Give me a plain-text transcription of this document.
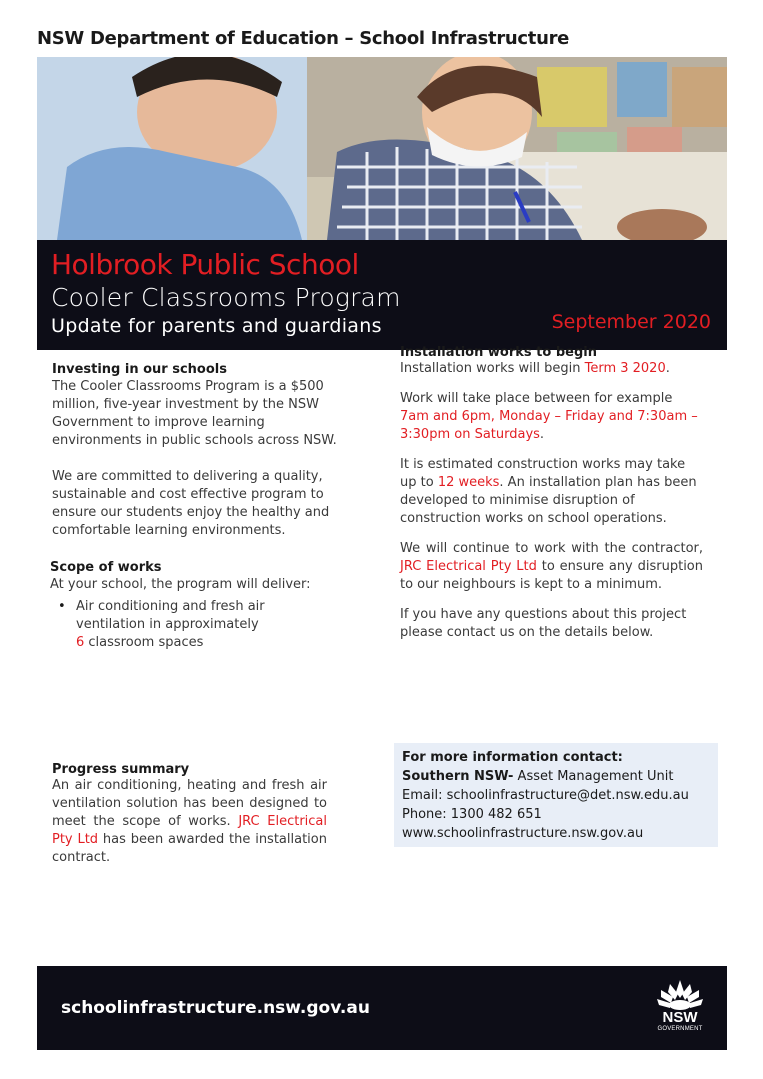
NSW Department of Education – School Infrastructure
Holbrook Public School
Cooler Classrooms Program
Update for parents and guardians	September 2020
Investing in our schools

The Cooler Classrooms Program is a $500 million, five-year investment by the NSW Government to improve learning environments in public schools across NSW.

We are committed to delivering a quality, sustainable and cost effective program to ensure our students enjoy the healthy and comfortable learning environments.

Scope of works

At your school, the program will deliver:

• Air conditioning and fresh air ventilation in approximately
6 classroom spaces
Progress summary

An air conditioning, heating and fresh air ventilation solution has been designed to meet the scope of works. JRC Electrical Pty Ltd has been awarded the installation contract.

Installation works to begin

Installation works will begin Term 3 2020.

Work will take place between for example 7am and 6pm, Monday – Friday and 7:30am – 3:30pm on Saturdays.

It is estimated construction works may take up to 12 weeks. An installation plan has been developed to minimise disruption of construction works on school operations.

We will continue to work with the contractor, JRC Electrical Pty Ltd to ensure any disruption to our neighbours is kept to a minimum.

If you have any questions about this project please contact us on the details below.

For more information contact:
Southern NSW- Asset Management Unit
Email: schoolinfrastructure@det.nsw.edu.au
Phone: 1300 482 651
www.schoolinfrastructure.nsw.gov.au
schoolinfrastructure.nsw.gov.au	NSW
GOVERNMENT
